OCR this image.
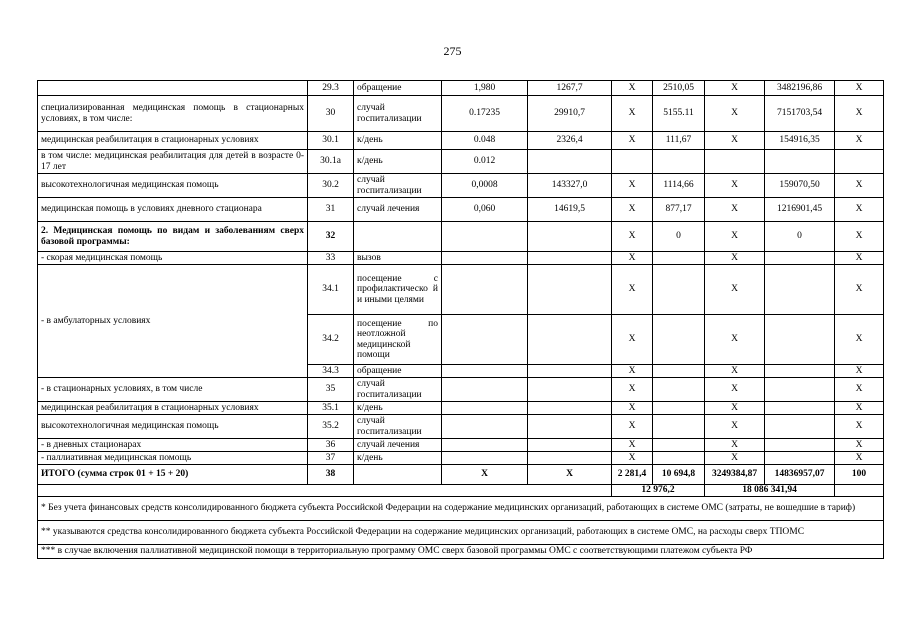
275
	29.3	обращение	1,980	1267,7	Х	2510,05	Х	3482196,86	Х
специализированная медицинская помощь в стационарных условиях, в том числе:	30	случай госпитализации	0.17235	29910,7	Х	5155.11	Х	7151703,54	Х
медицинская реабилитация в стационарных условиях	30.1	к/день	0.048	2326,4	Х	111,67	Х	154916,35	Х
в том числе: медицинская реабилитация для детей в возрасте 0-17 лет	30.1а	к/день	0.012						
высокотехнологичная медицинская помощь	30.2	случай госпитализации	0,0008	143327,0	Х	1114,66	Х	159070,50	Х
медицинская помощь в условиях дневного стационара	31	случай лечения	0,060	14619,5	Х	877,17	Х	1216901,45	Х
2. Медицинская помощь по видам и заболеваниям сверх базовой программы:	32				Х	0	Х	0	Х
- скорая медицинская помощь	33	вызов			Х		Х		Х
- в амбулаторных условиях	34.1	посещение с профилактическо й и иными целями			Х		Х		Х
	34.2	посещение по неотложной медицинской помощи			Х		Х		Х
	34.3	обращение			Х		Х		Х
- в стационарных условиях, в том числе	35	случай госпитализации			Х		Х		Х
медицинская реабилитация в стационарных условиях	35.1	к/день			Х		Х		Х
высокотехнологичная медицинская помощь	35.2	случай госпитализации			Х		Х		Х
- в дневных стационарах	36	случай лечения			Х		Х		Х
- паллиативная медицинская помощь	37	к/день			Х		Х		Х
ИТОГО (сумма строк 01 + 15 + 20)	38		Х	Х	2 281,4	10 694,8	3249384,87	14836957,07	100
					12 976,2		18 086 341,94		
* Без учета финансовых средств консолидированного бюджета субъекта Российской Федерации на содержание медицинских организаций, работающих в системе ОМС (затраты, не вошедшие в тариф)									
** указываются средства консолидированного бюджета субъекта Российской Федерации на содержание медицинских организаций, работающих в системе ОМС, на расходы сверх ТПОМС									
*** в случае включения паллиативной медицинской помощи в территориальную программу ОМС сверх базовой программы ОМС с соответствующими платежом субъекта РФ									
